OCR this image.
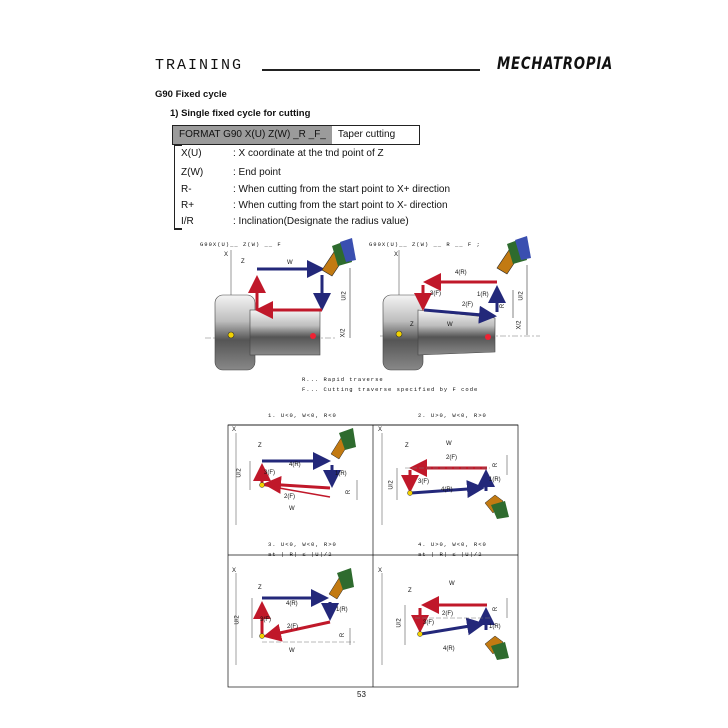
TRAINING	MECHATROPIA
G90 Fixed cycle
1) Single fixed cycle for cutting
FORMAT G90 X(U) Z(W) _R _F_	Taper cutting
X(U)	: X coordinate at the tnd point of Z
Z(W)	: End point
R-	: When cutting from the start point to X+ direction
R+	: When cutting from the start point to X- direction
I/R	: Inclination(Designate the radius value)
G90X(U)__ Z(W) __ F	G90X(U)__ Z(W) __ R __ F ;
X
Z	W
U/2
X/2
X
Z	W
4(R)
3(F)	1(R)
2(F)	R
U/2
X/2
R... Rapid traverse
F... Cutting traverse specified by F code
1. U<0, W<0, R<0	2. U>0, W<0, R>0
3. U<0, W<0, R>0
at | R| ≤ |U|/2
4. U>0, W<0, R<0
at | R| ≤ |U|/2
X
Z
4(R)
3(F)	1(R)
2(F)
W
U/2
R
X
Z	W
2(F)
3(F)	1(R)
4(R)
U/2
R
X
Z
4(R)
1(R)
3(F)
2(F)
W
U/2
R
X
Z
W
2(F)
3(F)
1(R)
4(R)
U/2
R
53
